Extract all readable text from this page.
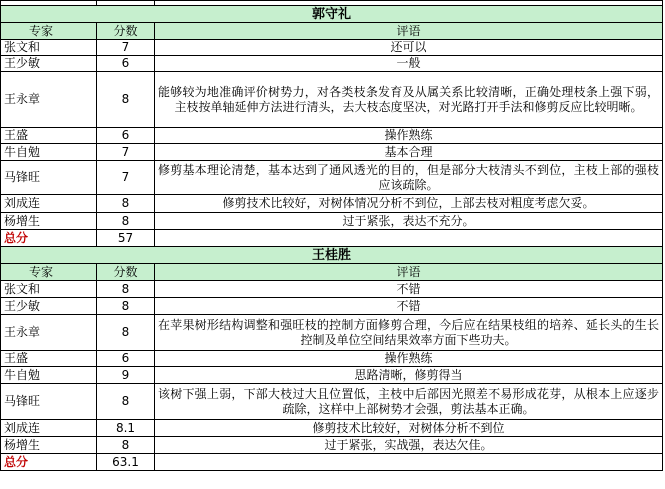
郭守礼		
专家	分数	评语
张文和	7	还可以
王少敏	6	一般
王永章	8	能够较为地准确评价树势力，对各类枝条发育及从属关系比较清晰，正确处理枝条上强下弱，主枝按单轴延伸方法进行清头，去大枝态度坚决，对光路打开手法和修剪反应比较明晰。
王盛	6	操作熟练
牛自勉	7	基本合理
马锋旺	7	修剪基本理论清楚，基本达到了通风透光的目的，但是部分大枝清头不到位，主枝上部的强枝应该疏除。
刘成连	8	修剪技术比较好，对树体情况分析不到位，上部去枝对粗度考虑欠妥。
杨增生	8	过于紧张，表达不充分。
总分	57	
王桂胜		
专家	分数	评语
张文和	8	不错
王少敏	8	不错
王永章	8	在苹果树形结构调整和强旺枝的控制方面修剪合理，今后应在结果枝组的培养、延长头的生长控制及单位空间结果效率方面下些功夫。
王盛	6	操作熟练
牛自勉	9	思路清晰，修剪得当
马锋旺	8	该树下强上弱，下部大枝过大且位置低，主枝中后部因光照差不易形成花芽，从根本上应逐步疏除，这样中上部树势才会强，剪法基本正确。
刘成连	8.1	修剪技术比较好，对树体分析不到位
杨增生	8	过于紧张，实战强，表达欠佳。
总分	63.1	
